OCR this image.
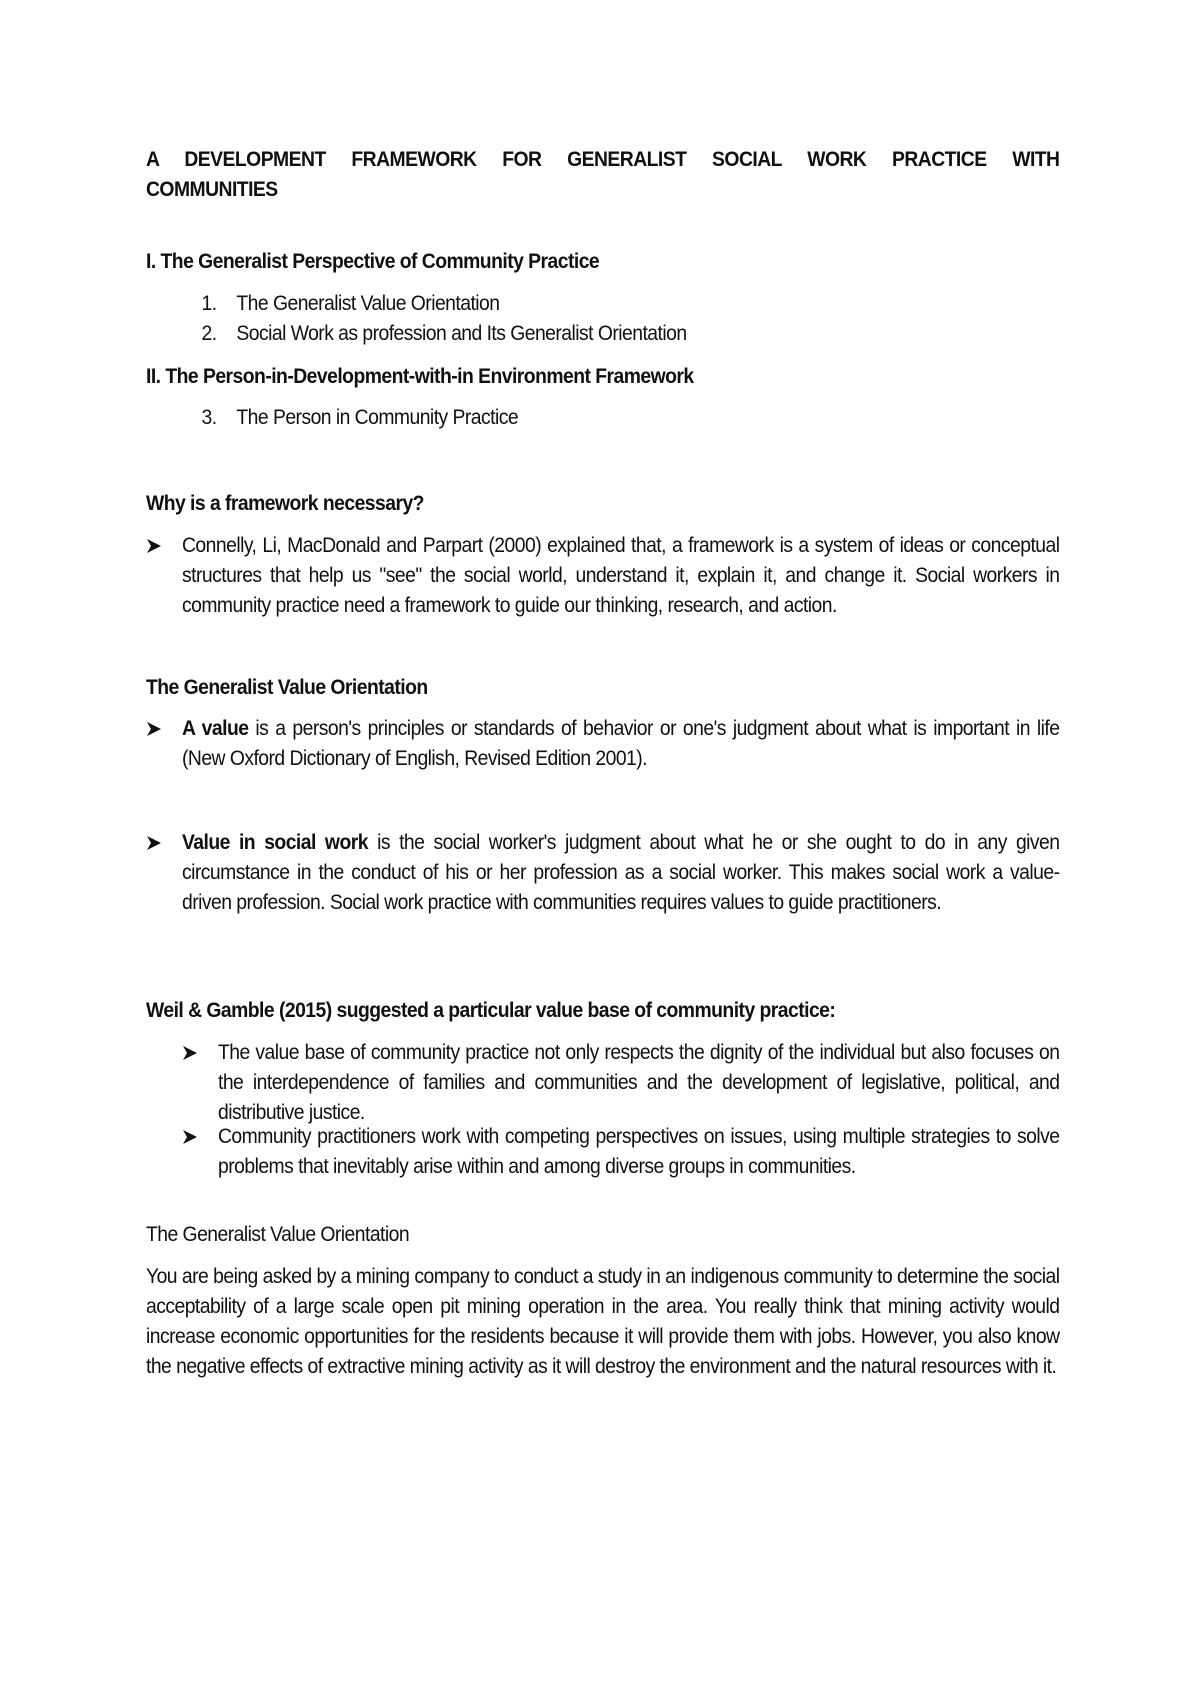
A DEVELOPMENT FRAMEWORK FOR GENERALIST SOCIAL WORK PRACTICE WITH
COMMUNITIES
I. The Generalist Perspective of Community Practice
1. The Generalist Value Orientation
2. Social Work as profession and Its Generalist Orientation
II. The Person-in-Development-with-in Environment Framework
3. The Person in Community Practice
Why is a framework necessary?
Connelly, Li, MacDonald and Parpart (2000) explained that, a framework is a system of ideas or conceptual structures that help us "see" the social world, understand it, explain it, and change it. Social workers in community practice need a framework to guide our thinking, research, and action.
The Generalist Value Orientation
A value is a person's principles or standards of behavior or one's judgment about what is important in life (New Oxford Dictionary of English, Revised Edition 2001).
Value in social work is the social worker's judgment about what he or she ought to do in any given circumstance in the conduct of his or her profession as a social worker. This makes social work a value-driven profession. Social work practice with communities requires values to guide practitioners.
Weil & Gamble (2015) suggested a particular value base of community practice:
The value base of community practice not only respects the dignity of the individual but also focuses on the interdependence of families and communities and the development of legislative, political, and distributive justice.
Community practitioners work with competing perspectives on issues, using multiple strategies to solve problems that inevitably arise within and among diverse groups in communities.
The Generalist Value Orientation
You are being asked by a mining company to conduct a study in an indigenous community to determine the social acceptability of a large scale open pit mining operation in the area. You really think that mining activity would increase economic opportunities for the residents because it will provide them with jobs. However, you also know the negative effects of extractive mining activity as it will destroy the environment and the natural resources with it.
